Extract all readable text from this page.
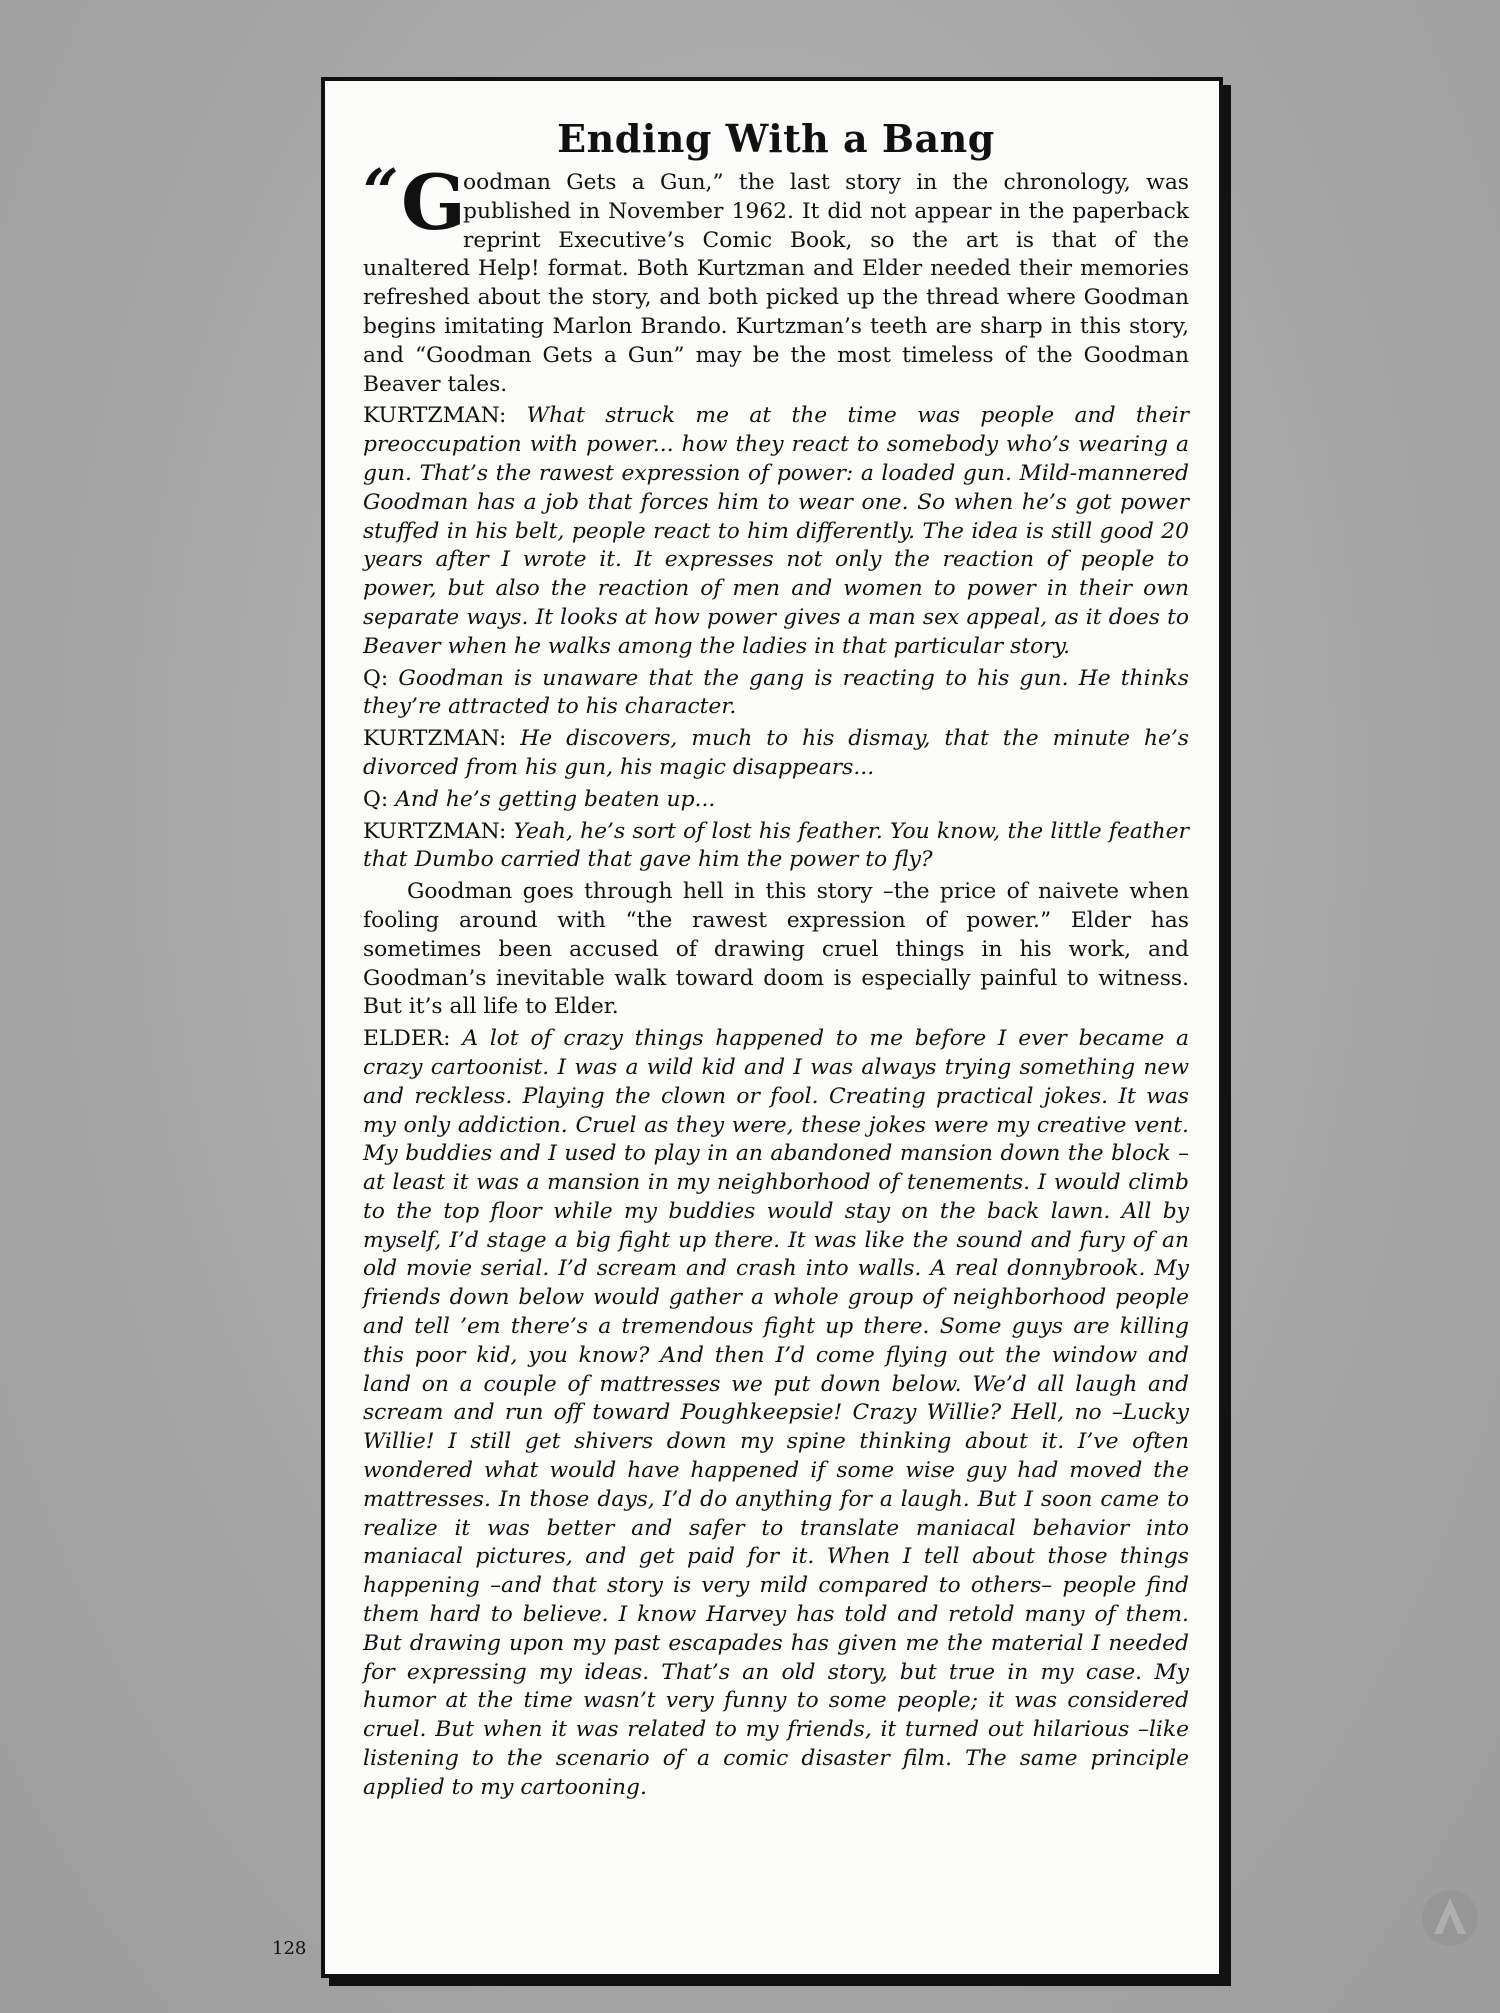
Ending With a Bang

“ G
oodman Gets a Gun,” the last story in the chronology, was published in November 1962. It did not appear in the paperback reprint Executive’s Comic Book, so the art is that of the unaltered Help! format. Both Kurtzman and Elder needed their memories refreshed about the story, and both picked up the thread where Goodman begins imitating Marlon Brando. Kurtzman’s teeth are sharp in this story, and “Goodman Gets a Gun” may be the most timeless of the Goodman Beaver tales.

KURTZMAN: What struck me at the time was people and their preoccupation with power... how they react to somebody who’s wearing a gun. That’s the rawest expression of power: a loaded gun. Mild-mannered Goodman has a job that forces him to wear one. So when he’s got power stuffed in his belt, people react to him differently. The idea is still good 20 years after I wrote it. It expresses not only the reaction of people to power, but also the reaction of men and women to power in their own separate ways. It looks at how power gives a man sex appeal, as it does to Beaver when he walks among the ladies in that particular story.

Q: Goodman is unaware that the gang is reacting to his gun. He thinks they’re attracted to his character.

KURTZMAN: He discovers, much to his dismay, that the minute he’s divorced from his gun, his magic disappears...

Q: And he’s getting beaten up...

KURTZMAN: Yeah, he’s sort of lost his feather. You know, the little feather that Dumbo carried that gave him the power to fly?

Goodman goes through hell in this story –the price of naivete when fooling around with “the rawest expression of power.” Elder has sometimes been accused of drawing cruel things in his work, and Goodman’s inevitable walk toward doom is especially painful to witness. But it’s all life to Elder.

ELDER: A lot of crazy things happened to me before I ever became a crazy cartoonist. I was a wild kid and I was always trying something new and reckless. Playing the clown or fool. Creating practical jokes. It was my only addiction. Cruel as they were, these jokes were my creative vent. My buddies and I used to play in an abandoned mansion down the block –at least it was a mansion in my neighborhood of tenements. I would climb to the top floor while my buddies would stay on the back lawn. All by myself, I’d stage a big fight up there. It was like the sound and fury of an old movie serial. I’d scream and crash into walls. A real donnybrook. My friends down below would gather a whole group of neighborhood people and tell ’em there’s a tremendous fight up there. Some guys are killing this poor kid, you know? And then I’d come flying out the window and land on a couple of mattresses we put down below. We’d all laugh and scream and run off toward Poughkeepsie! Crazy Willie? Hell, no –Lucky Willie! I still get shivers down my spine thinking about it. I’ve often wondered what would have happened if some wise guy had moved the mattresses. In those days, I’d do anything for a laugh. But I soon came to realize it was better and safer to translate maniacal behavior into maniacal pictures, and get paid for it. When I tell about those things happening –and that story is very mild compared to others– people find them hard to believe. I know Harvey has told and retold many of them. But drawing upon my past escapades has given me the material I needed for expressing my ideas. That’s an old story, but true in my case. My humor at the time wasn’t very funny to some people; it was considered cruel. But when it was related to my friends, it turned out hilarious –like listening to the scenario of a comic disaster film. The same principle applied to my cartooning.

128
